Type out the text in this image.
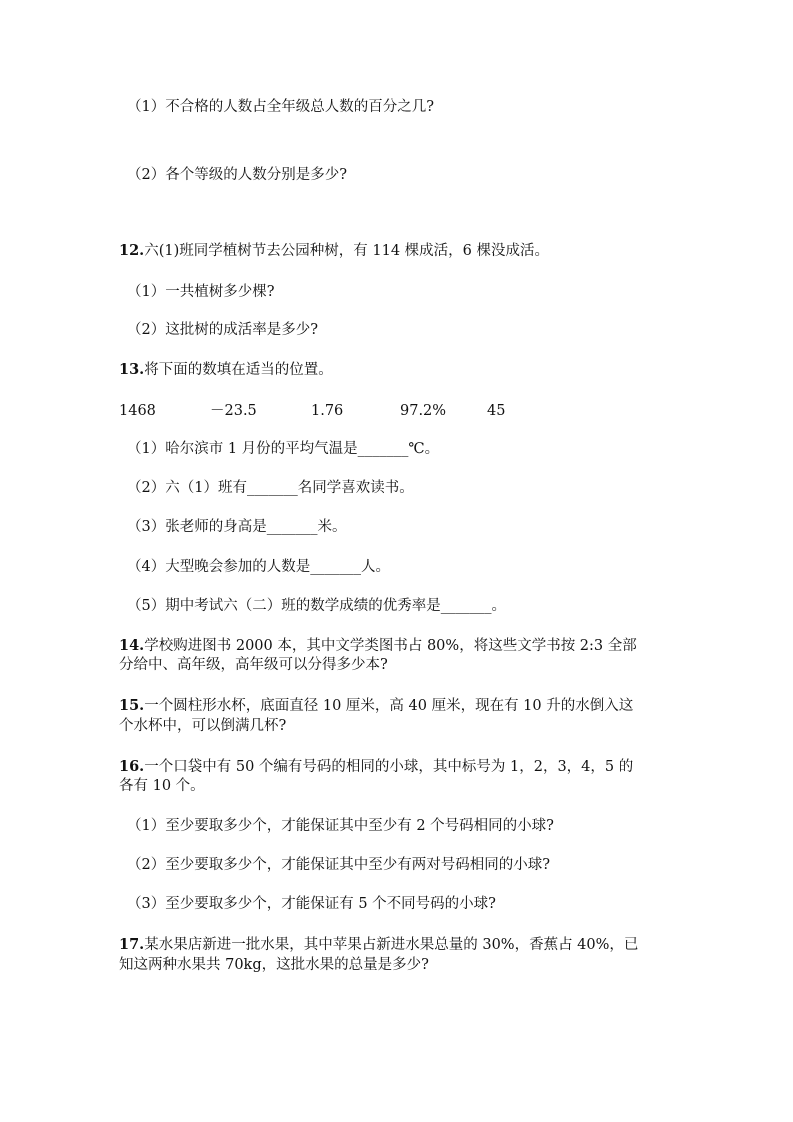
（1）不合格的人数占全年级总人数的百分之几?
（2）各个等级的人数分别是多少?
12.六(1)班同学植树节去公园种树，有 114 棵成活，6 棵没成活。
（1）一共植树多少棵?
（2）这批树的成活率是多少?
13.将下面的数填在适当的位置。
1468	－23.5	1.76	97.2%	45
（1）哈尔滨市 1 月份的平均气温是_______℃。
（2）六（1）班有_______名同学喜欢读书。
（3）张老师的身高是_______米。
（4）大型晚会参加的人数是_______人。
（5）期中考试六（二）班的数学成绩的优秀率是_______。
14.学校购进图书 2000 本，其中文学类图书占 80%，将这些文学书按 2:3 全部
分给中、高年级，高年级可以分得多少本?
15.一个圆柱形水杯，底面直径 10 厘米，高 40 厘米，现在有 10 升的水倒入这
个水杯中，可以倒满几杯?
16.一个口袋中有 50 个编有号码的相同的小球，其中标号为 1，2，3，4，5 的
各有 10 个。
（1）至少要取多少个，才能保证其中至少有 2 个号码相同的小球?
（2）至少要取多少个，才能保证其中至少有两对号码相同的小球?
（3）至少要取多少个，才能保证有 5 个不同号码的小球?
17.某水果店新进一批水果，其中苹果占新进水果总量的 30%，香蕉占 40%，已
知这两种水果共 70kg，这批水果的总量是多少?
